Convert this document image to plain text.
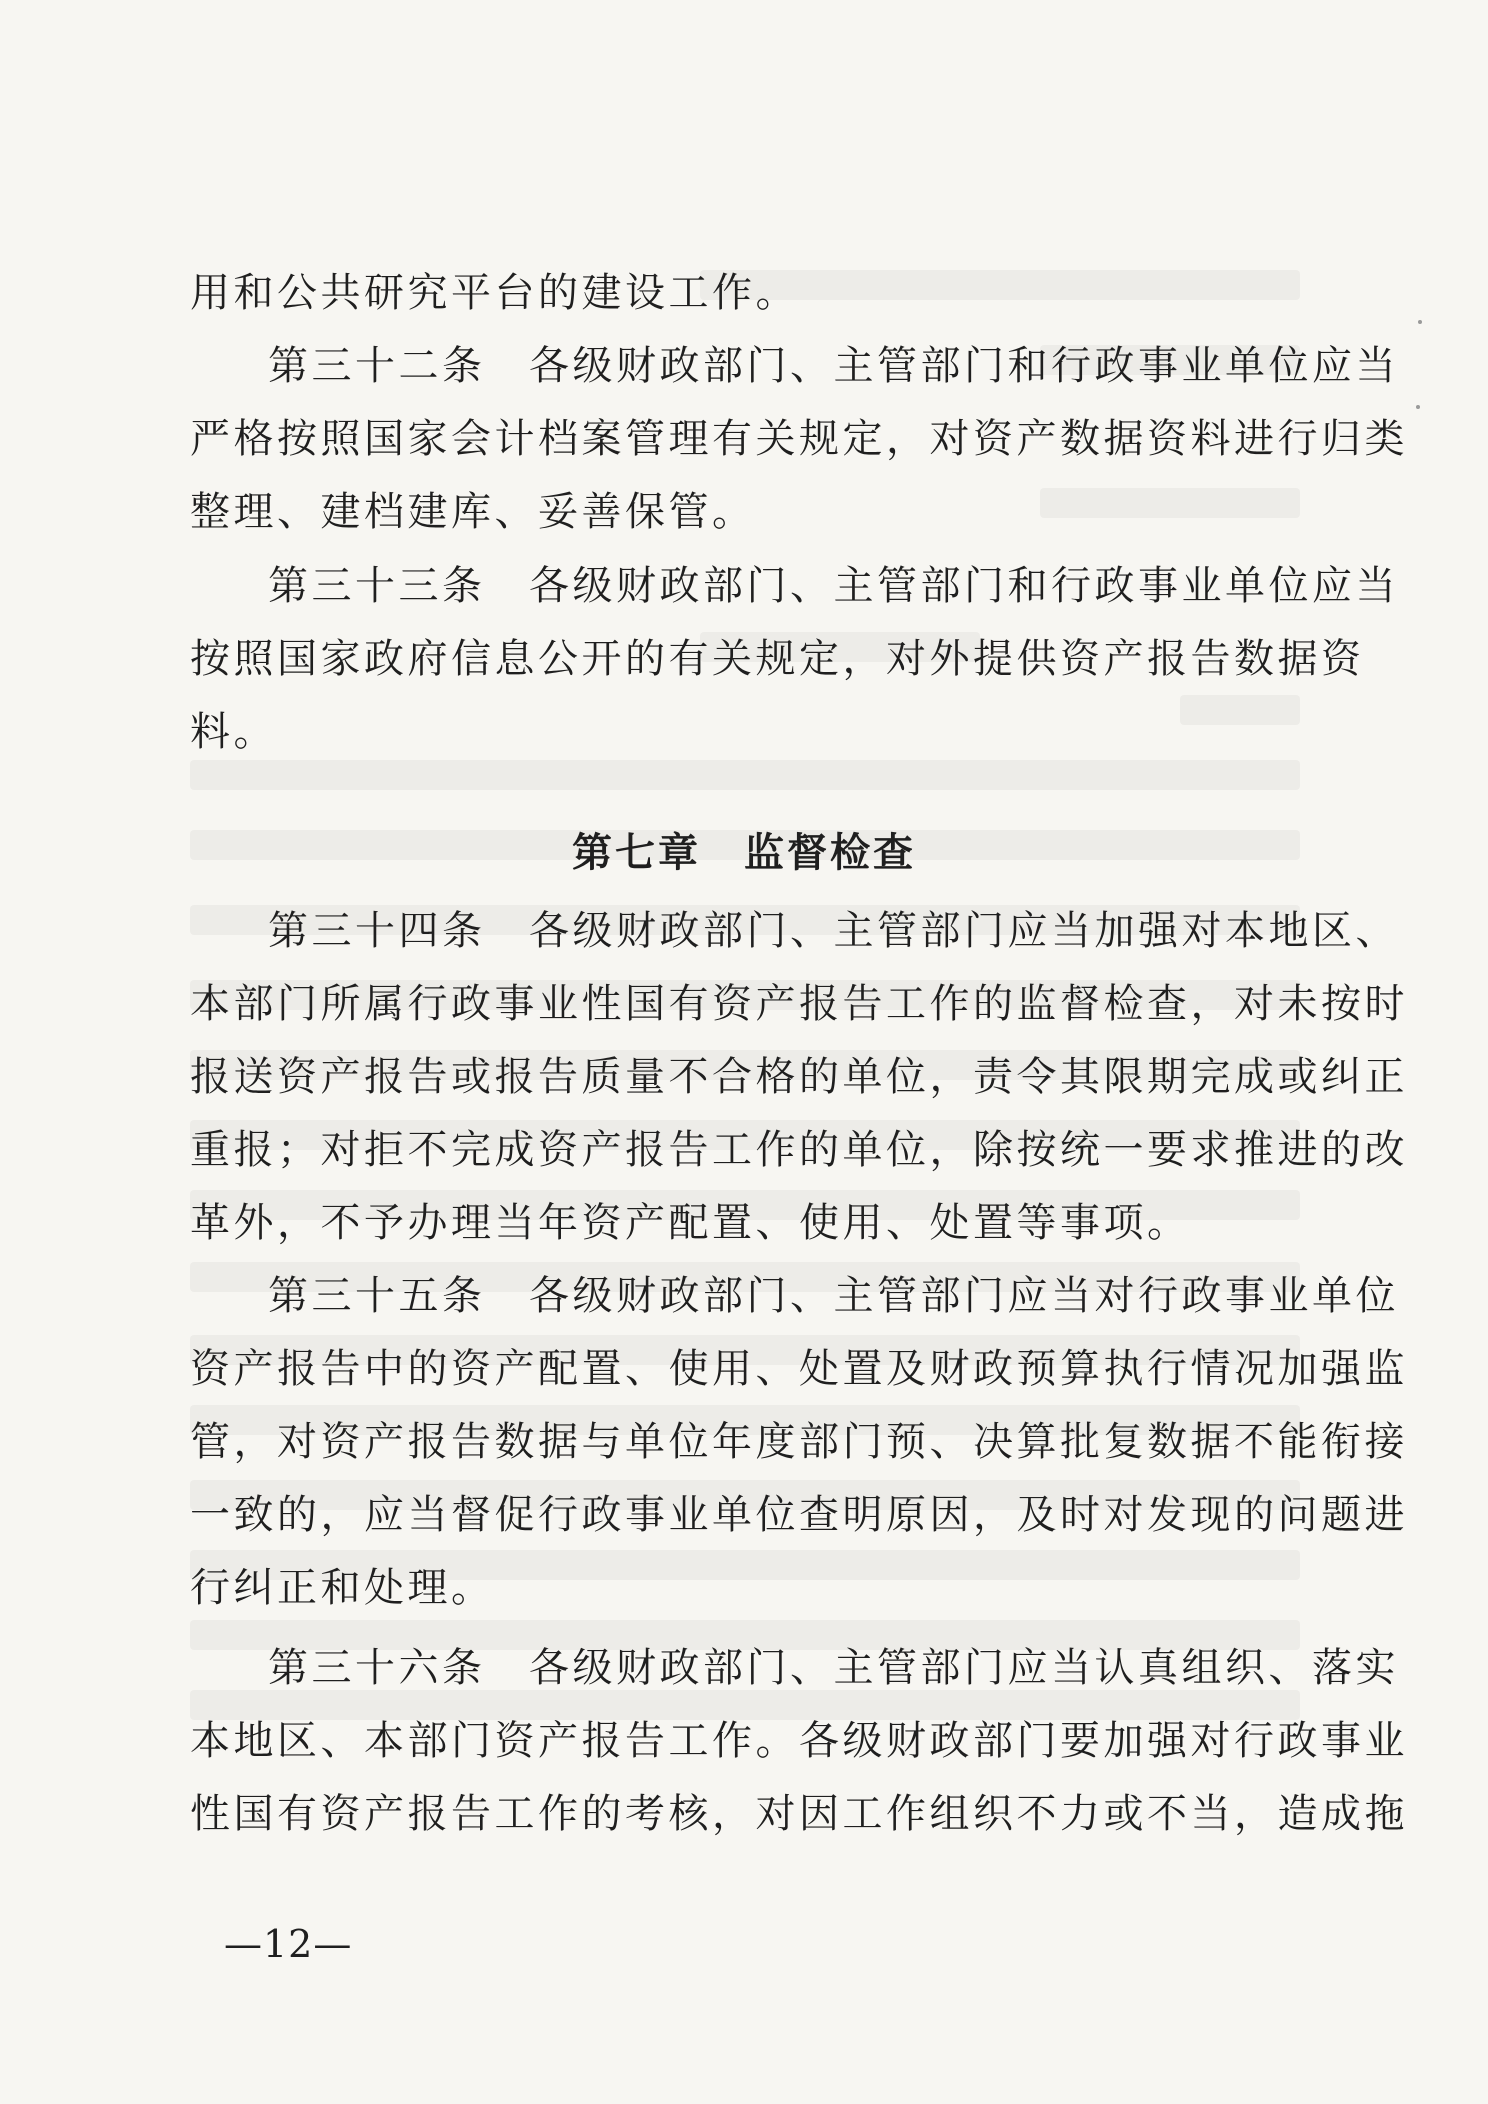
用和公共研究平台的建设工作。
第三十二条　各级财政部门、主管部门和行政事业单位应当
严格按照国家会计档案管理有关规定，对资产数据资料进行归类
整理、建档建库、妥善保管。
第三十三条　各级财政部门、主管部门和行政事业单位应当
按照国家政府信息公开的有关规定，对外提供资产报告数据资
料。
第七章　监督检查
第三十四条　各级财政部门、主管部门应当加强对本地区、
本部门所属行政事业性国有资产报告工作的监督检查，对未按时
报送资产报告或报告质量不合格的单位，责令其限期完成或纠正
重报；对拒不完成资产报告工作的单位，除按统一要求推进的改
革外，不予办理当年资产配置、使用、处置等事项。
第三十五条　各级财政部门、主管部门应当对行政事业单位
资产报告中的资产配置、使用、处置及财政预算执行情况加强监
管，对资产报告数据与单位年度部门预、决算批复数据不能衔接
一致的，应当督促行政事业单位查明原因，及时对发现的问题进
行纠正和处理。
第三十六条　各级财政部门、主管部门应当认真组织、落实
本地区、本部门资产报告工作。各级财政部门要加强对行政事业
性国有资产报告工作的考核，对因工作组织不力或不当，造成拖
—12—
